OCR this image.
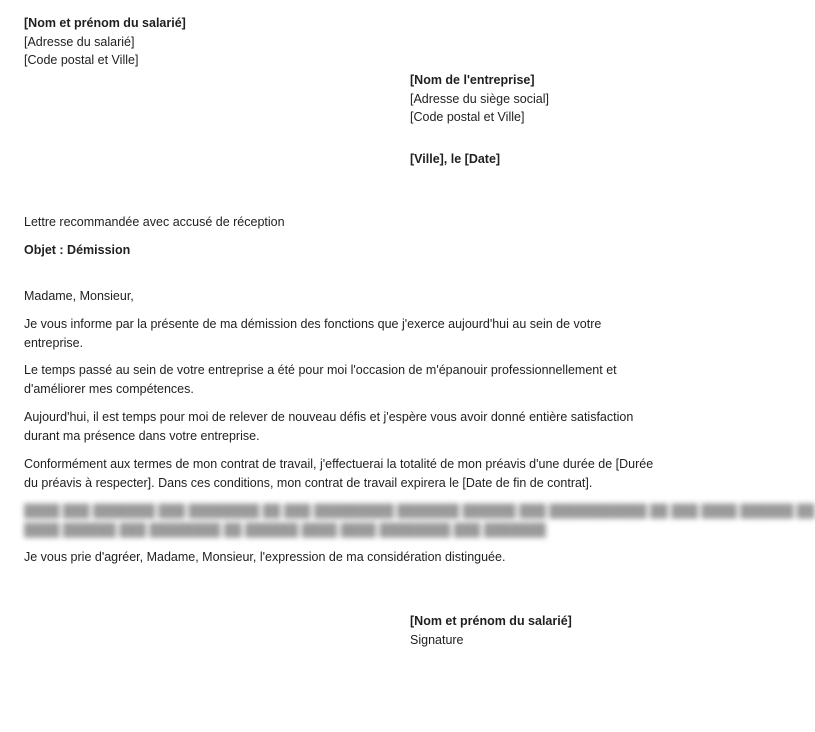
[Nom et prénom du salarié]
[Adresse du salarié]
[Code postal et Ville]
[Nom de l'entreprise]
[Adresse du siège social]
[Code postal et Ville]
[Ville], le [Date]
Lettre recommandée avec accusé de réception
Objet : Démission
Madame, Monsieur,
Je vous informe par la présente de ma démission des fonctions que j'exerce aujourd'hui au sein de votre
entreprise.
Le temps passé au sein de votre entreprise a été pour moi l'occasion de m'épanouir professionnellement et
d'améliorer mes compétences.
Aujourd'hui, il est temps pour moi de relever de nouveau défis et j'espère vous avoir donné entière satisfaction
durant ma présence dans votre entreprise.
Conformément aux termes de mon contrat de travail, j'effectuerai la totalité de mon préavis d'une durée de [Durée
du préavis à respecter]. Dans ces conditions, mon contrat de travail expirera le [Date de fin de contrat].
████ ███ ███████ ███ ████████ ██ ███ █████████ ███████ ██████ ███ ███████████ ██ ███ ████ ██████ ██
████ ██████ ███ ████████ ██ ██████ ████ ████ ████████ ███ ███████
Je vous prie d'agréer, Madame, Monsieur, l'expression de ma considération distinguée.
[Nom et prénom du salarié]
Signature
